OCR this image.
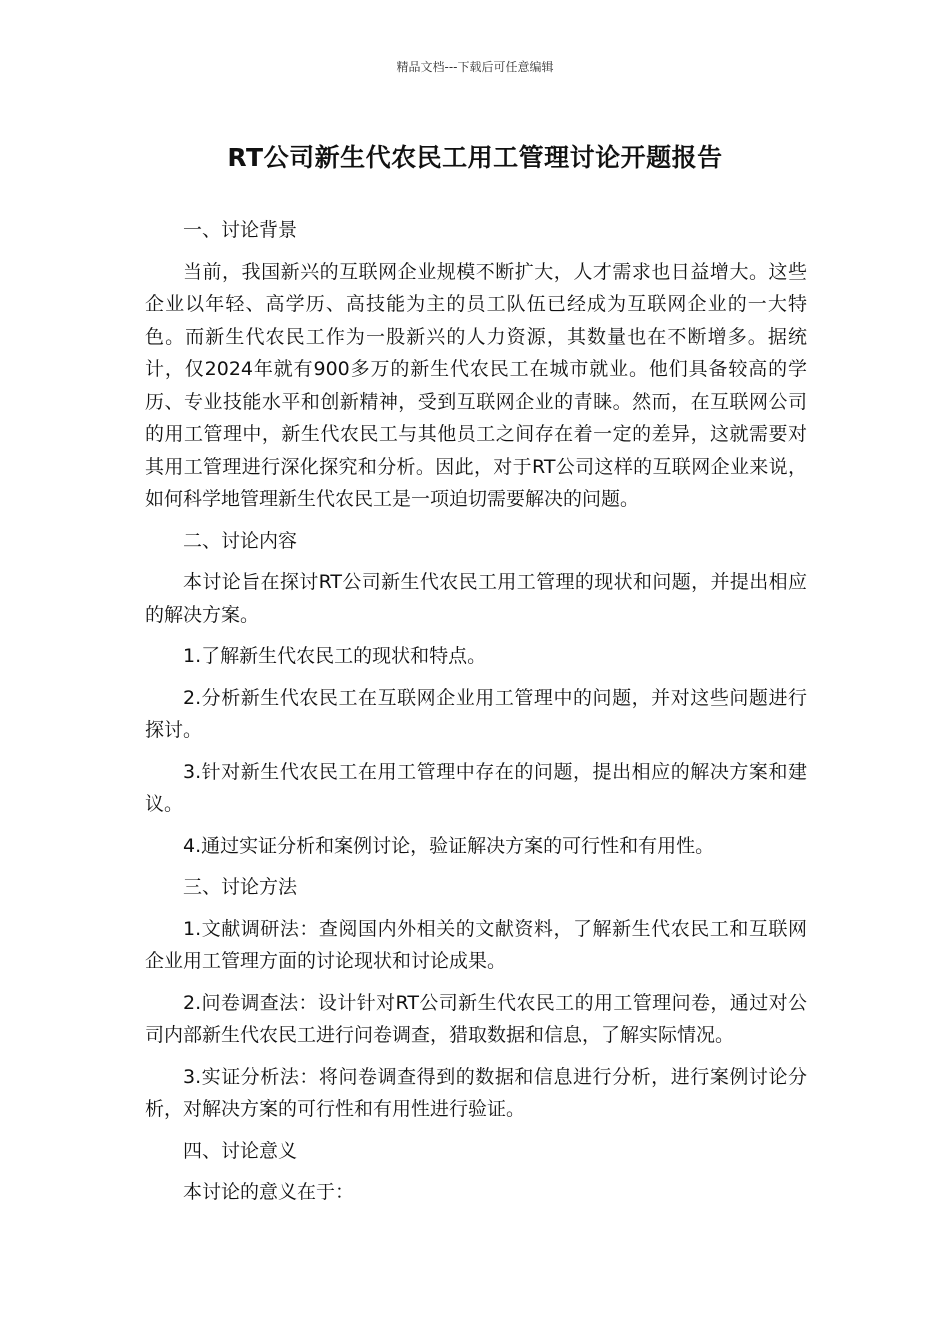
精品文档---下载后可任意编辑
RT公司新生代农民工用工管理讨论开题报告

一、讨论背景

当前，我国新兴的互联网企业规模不断扩大，人才需求也日益增大。这些企业以年轻、高学历、高技能为主的员工队伍已经成为互联网企业的一大特色。而新生代农民工作为一股新兴的人力资源，其数量也在不断增多。据统计，仅2024年就有900多万的新生代农民工在城市就业。他们具备较高的学历、专业技能水平和创新精神，受到互联网企业的青睐。然而，在互联网公司的用工管理中，新生代农民工与其他员工之间存在着一定的差异，这就需要对其用工管理进行深化探究和分析。因此，对于RT公司这样的互联网企业来说，如何科学地管理新生代农民工是一项迫切需要解决的问题。

二、讨论内容

本讨论旨在探讨RT公司新生代农民工用工管理的现状和问题，并提出相应的解决方案。

1.了解新生代农民工的现状和特点。

2.分析新生代农民工在互联网企业用工管理中的问题，并对这些问题进行探讨。

3.针对新生代农民工在用工管理中存在的问题，提出相应的解决方案和建议。

4.通过实证分析和案例讨论，验证解决方案的可行性和有用性。

三、讨论方法

1.文献调研法：查阅国内外相关的文献资料，了解新生代农民工和互联网企业用工管理方面的讨论现状和讨论成果。

2.问卷调查法：设计针对RT公司新生代农民工的用工管理问卷，通过对公司内部新生代农民工进行问卷调查，猎取数据和信息，了解实际情况。

3.实证分析法：将问卷调查得到的数据和信息进行分析，进行案例讨论分析，对解决方案的可行性和有用性进行验证。

四、讨论意义

本讨论的意义在于：
